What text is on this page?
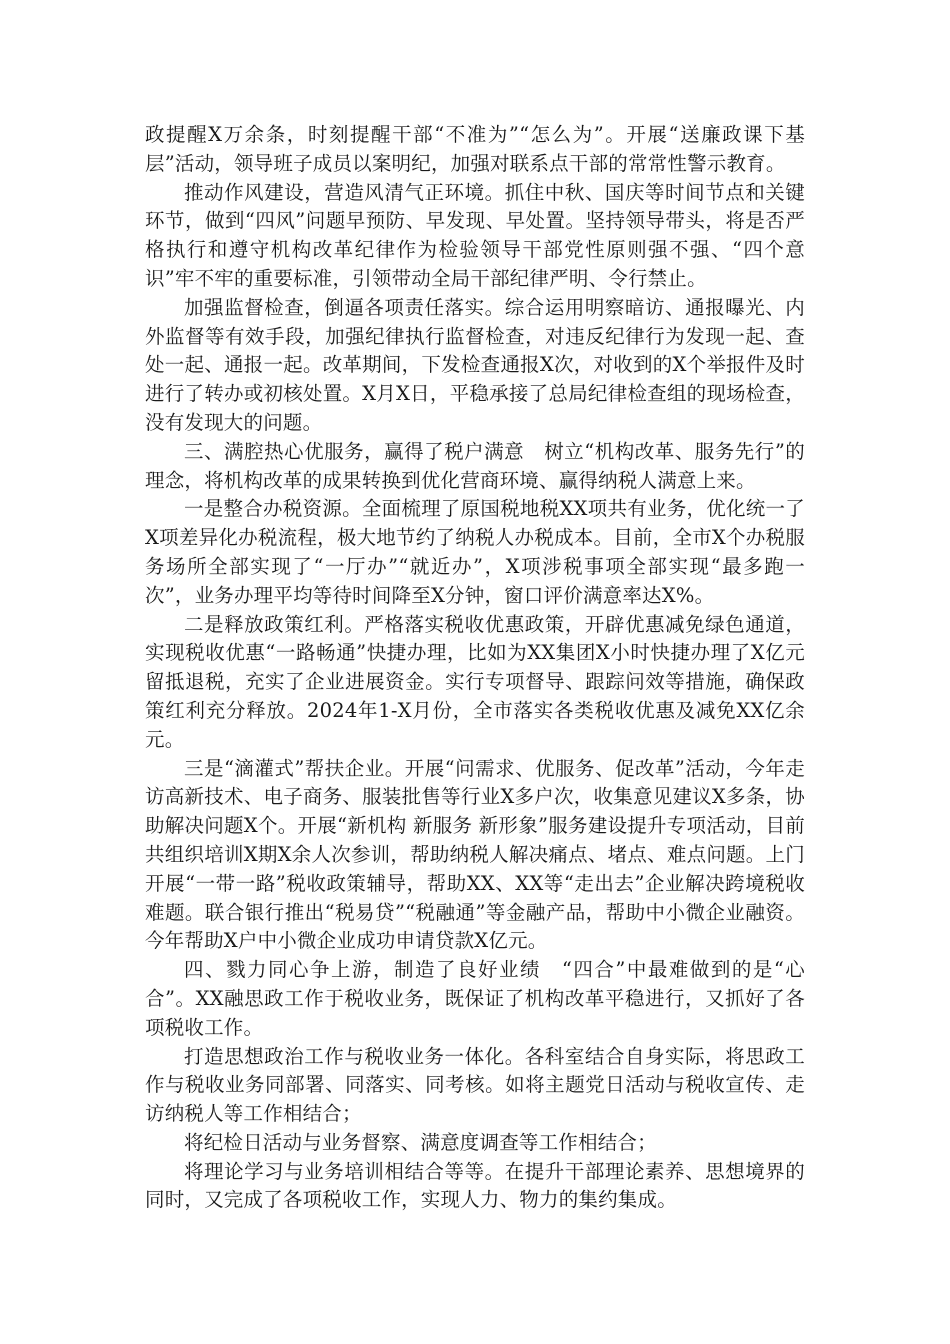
政提醒X万余条，时刻提醒干部“不准为”“怎么为”。开展“送廉政课下基层”活动，领导班子成员以案明纪，加强对联系点干部的常常性警示教育。

推动作风建设，营造风清气正环境。抓住中秋、国庆等时间节点和关键环节，做到“四风”问题早预防、早发现、早处置。坚持领导带头，将是否严格执行和遵守机构改革纪律作为检验领导干部党性原则强不强、“四个意识”牢不牢的重要标准，引领带动全局干部纪律严明、令行禁止。

加强监督检查，倒逼各项责任落实。综合运用明察暗访、通报曝光、内外监督等有效手段，加强纪律执行监督检查，对违反纪律行为发现一起、查处一起、通报一起。改革期间，下发检查通报X次，对收到的X个举报件及时进行了转办或初核处置。X月X日，平稳承接了总局纪律检查组的现场检查，没有发现大的问题。

三、满腔热心优服务，赢得了税户满意　树立“机构改革、服务先行”的理念，将机构改革的成果转换到优化营商环境、赢得纳税人满意上来。

一是整合办税资源。全面梳理了原国税地税XX项共有业务，优化统一了X项差异化办税流程，极大地节约了纳税人办税成本。目前，全市X个办税服务场所全部实现了“一厅办”“就近办”，X项涉税事项全部实现“最多跑一次”，业务办理平均等待时间降至X分钟，窗口评价满意率达X%。

二是释放政策红利。严格落实税收优惠政策，开辟优惠减免绿色通道，实现税收优惠“一路畅通”快捷办理，比如为XX集团X小时快捷办理了X亿元留抵退税，充实了企业进展资金。实行专项督导、跟踪问效等措施，确保政策红利充分释放。2024年1-X月份，全市落实各类税收优惠及减免XX亿余元。

三是“滴灌式”帮扶企业。开展“问需求、优服务、促改革”活动，今年走访高新技术、电子商务、服装批售等行业X多户次，收集意见建议X多条，协助解决问题X个。开展“新机构 新服务 新形象”服务建设提升专项活动，目前共组织培训X期X余人次参训，帮助纳税人解决痛点、堵点、难点问题。上门开展“一带一路”税收政策辅导，帮助XX、XX等“走出去”企业解决跨境税收难题。联合银行推出“税易贷”“税融通”等金融产品，帮助中小微企业融资。今年帮助X户中小微企业成功申请贷款X亿元。

四、戮力同心争上游，制造了良好业绩　“四合”中最难做到的是“心合”。XX融思政工作于税收业务，既保证了机构改革平稳进行，又抓好了各项税收工作。

打造思想政治工作与税收业务一体化。各科室结合自身实际，将思政工作与税收业务同部署、同落实、同考核。如将主题党日活动与税收宣传、走访纳税人等工作相结合；

将纪检日活动与业务督察、满意度调查等工作相结合；

将理论学习与业务培训相结合等等。在提升干部理论素养、思想境界的同时，又完成了各项税收工作，实现人力、物力的集约集成。
